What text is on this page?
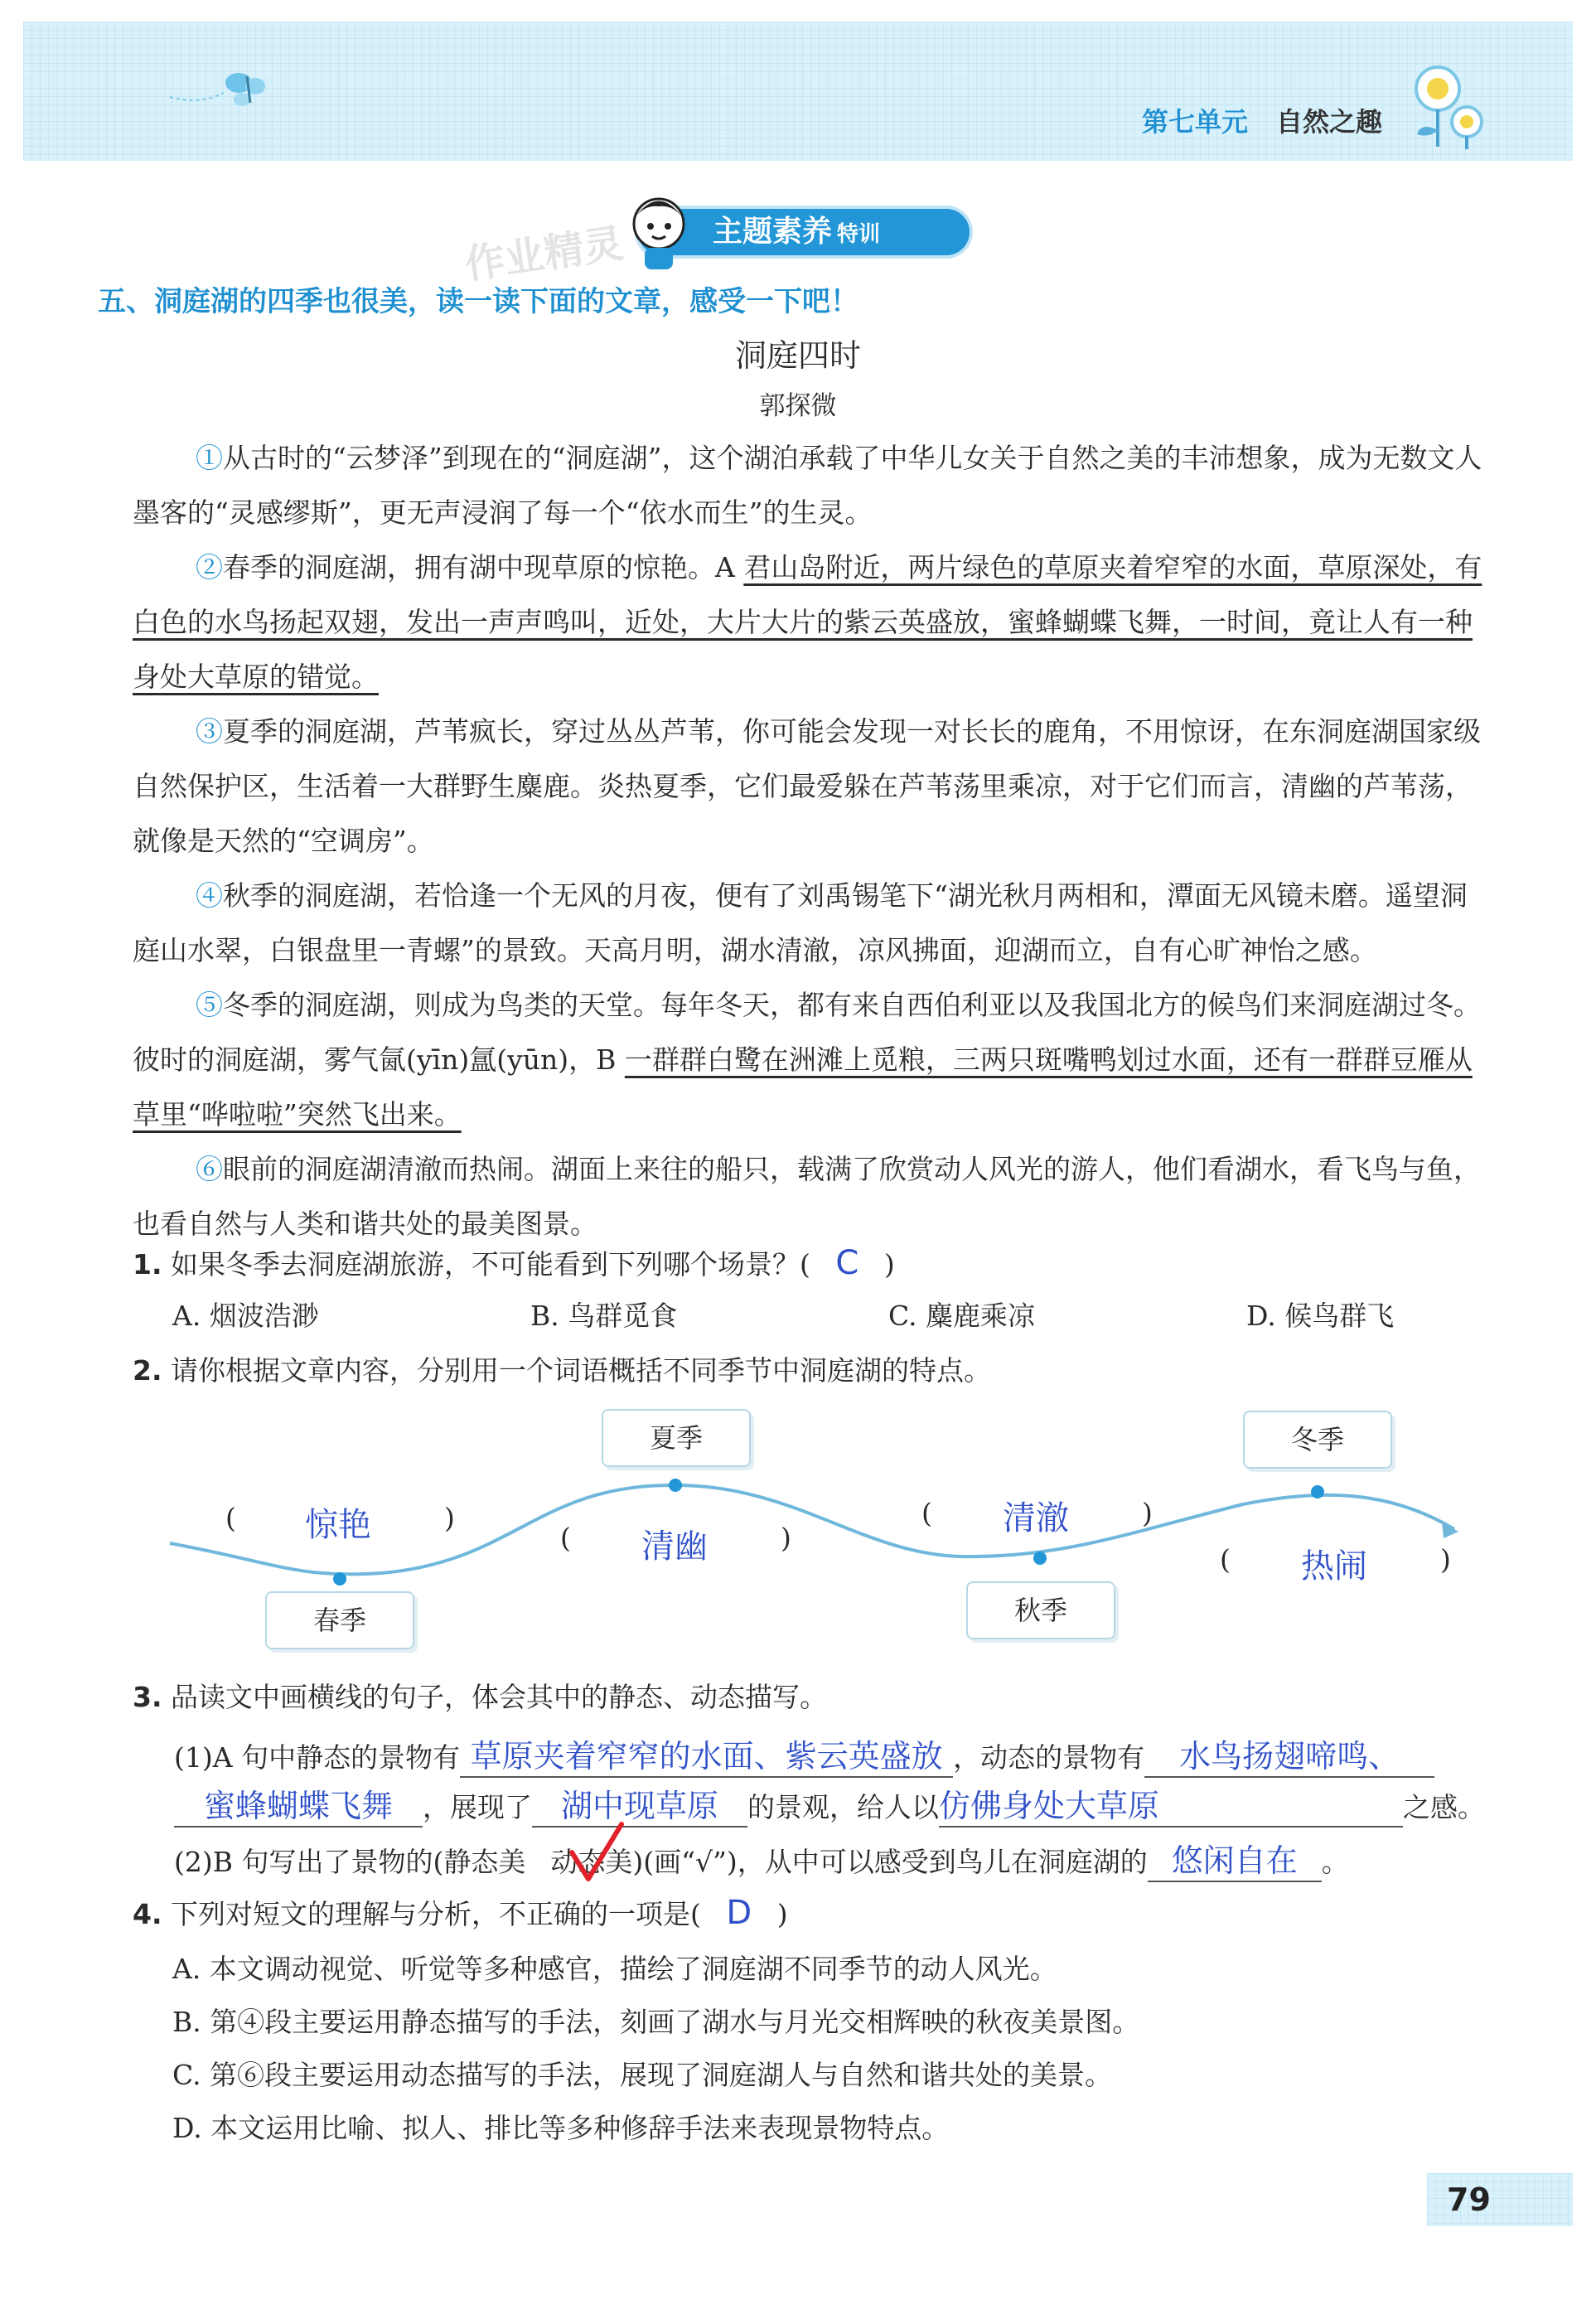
第七单元 自然之趣
作业精灵	主题素养 特训
五、洞庭湖的四季也很美，读一读下面的文章，感受一下吧！
洞庭四时
郭探微
①从古时的“云梦泽”到现在的“洞庭湖”，这个湖泊承载了中华儿女关于自然之美的丰沛想象，成为无数文人墨客的“灵感缪斯”，更无声浸润了每一个“依水而生”的生灵。
②春季的洞庭湖，拥有湖中现草原的惊艳。A 君山岛附近，两片绿色的草原夹着窄窄的水面，草原深处，有白色的水鸟扬起双翅，发出一声声鸣叫，近处，大片大片的紫云英盛放，蜜蜂蝴蝶飞舞，一时间，竟让人有一种身处大草原的错觉。
③夏季的洞庭湖，芦苇疯长，穿过丛丛芦苇，你可能会发现一对长长的鹿角，不用惊讶，在东洞庭湖国家级自然保护区，生活着一大群野生麋鹿。炎热夏季，它们最爱躲在芦苇荡里乘凉，对于它们而言，清幽的芦苇荡，就像是天然的“空调房”。
④秋季的洞庭湖，若恰逢一个无风的月夜，便有了刘禹锡笔下“湖光秋月两相和，潭面无风镜未磨。遥望洞庭山水翠，白银盘里一青螺”的景致。天高月明，湖水清澈，凉风拂面，迎湖而立，自有心旷神怡之感。
⑤冬季的洞庭湖，则成为鸟类的天堂。每年冬天，都有来自西伯利亚以及我国北方的候鸟们来洞庭湖过冬。彼时的洞庭湖，雾气氤(yīn)氲(yūn)，B 一群群白鹭在洲滩上觅粮，三两只斑嘴鸭划过水面，还有一群群豆雁从草里“哗啦啦”突然飞出来。
⑥眼前的洞庭湖清澈而热闹。湖面上来往的船只，载满了欣赏动人风光的游人，他们看湖水，看飞鸟与鱼，也看自然与人类和谐共处的最美图景。
1. 如果冬季去洞庭湖旅游，不可能看到下列哪个场景？( C )
A. 烟波浩渺	B. 鸟群觅食	C. 麋鹿乘凉	D. 候鸟群飞
2. 请你根据文章内容，分别用一个词语概括不同季节中洞庭湖的特点。
春季
夏季
秋季
冬季
( 惊艳	)
( 清幽	)
( 清澈	)
( 热闹	)
3. 品读文中画横线的句子，体会其中的静态、动态描写。
(1)A 句中静态的景物有 草原夹着窄窄的水面、紫云英盛放 ，动态的景物有 水鸟扬翅啼鸣、
蜜蜂蝴蝶飞舞 ，展现了 湖中现草原 的景观，给人以仿佛身处大草原	之感。
(2)B 句写出了景物的(静态美 动态美
)(画“√”)，从中可以感受到鸟儿在洞庭湖的 悠闲自在 。
4. 下列对短文的理解与分析，不正确的一项是( D )
A. 本文调动视觉、听觉等多种感官，描绘了洞庭湖不同季节的动人风光。
B. 第④段主要运用静态描写的手法，刻画了湖水与月光交相辉映的秋夜美景图。
C. 第⑥段主要运用动态描写的手法，展现了洞庭湖人与自然和谐共处的美景。
D. 本文运用比喻、拟人、排比等多种修辞手法来表现景物特点。
79
